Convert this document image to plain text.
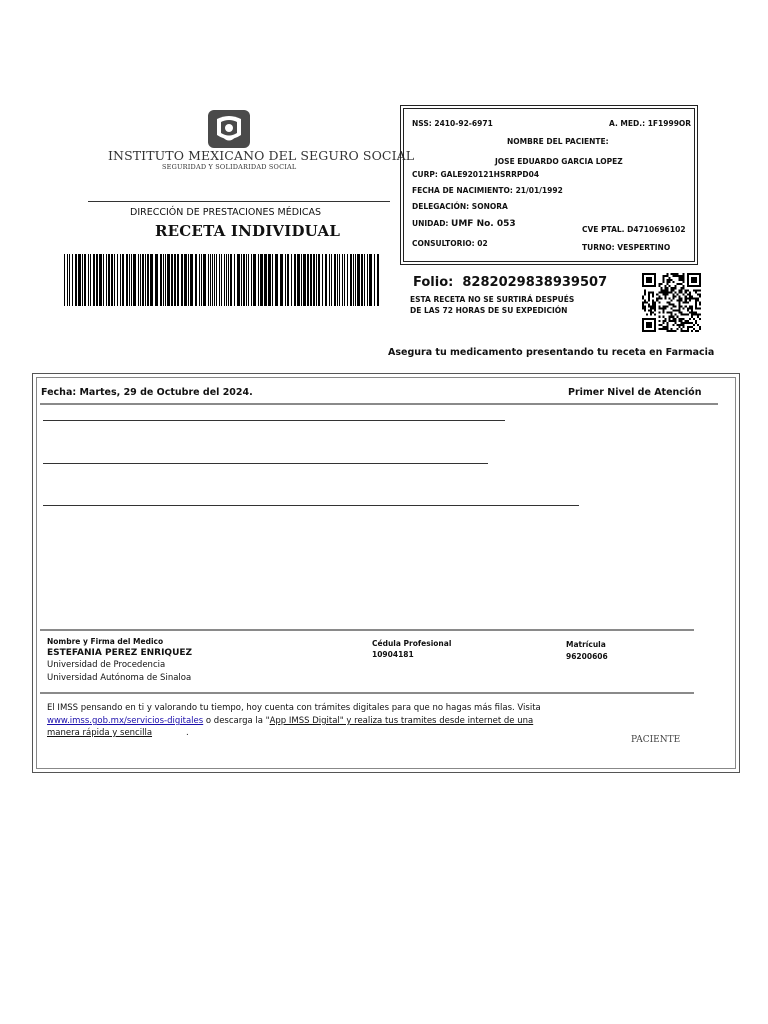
INSTITUTO MEXICANO DEL SEGURO SOCIAL
SEGURIDAD Y SOLIDARIDAD SOCIAL
DIRECCIÓN DE PRESTACIONES MÉDICAS
RECETA INDIVIDUAL
NSS: 2410-92-6971	A. MED.: 1F1999OR
NOMBRE DEL PACIENTE:
JOSE EDUARDO GARCIA LOPEZ
CURP: GALE920121HSRRPD04
FECHA DE NACIMIENTO: 21/01/1992
DELEGACIÓN: SONORA
UNIDAD: UMF No. 053
CVE PTAL. D4710696102
CONSULTORIO: 02	TURNO: VESPERTINO
Folio: 8282029838939507
ESTA RECETA NO SE SURTIRÁ DESPUÉS
DE LAS 72 HORAS DE SU EXPEDICIÓN
Asegura tu medicamento presentando tu receta en Farmacia
Fecha: Martes, 29 de Octubre del 2024.	Primer Nivel de Atención
Nombre y Firma del Medico
ESTEFANIA PEREZ ENRIQUEZ
Universidad de Procedencia
Universidad Autónoma de Sinaloa
Cédula Profesional
10904181
Matrícula
96200606
El IMSS pensando en ti y valorando tu tiempo, hoy cuenta con trámites digitales para que no hagas más filas. Visita
www.imss.gob.mx/servicios-digitales o descarga la "App IMSS Digital" y realiza tus tramites desde internet de una
manera rápida y sencilla	.
PACIENTE
